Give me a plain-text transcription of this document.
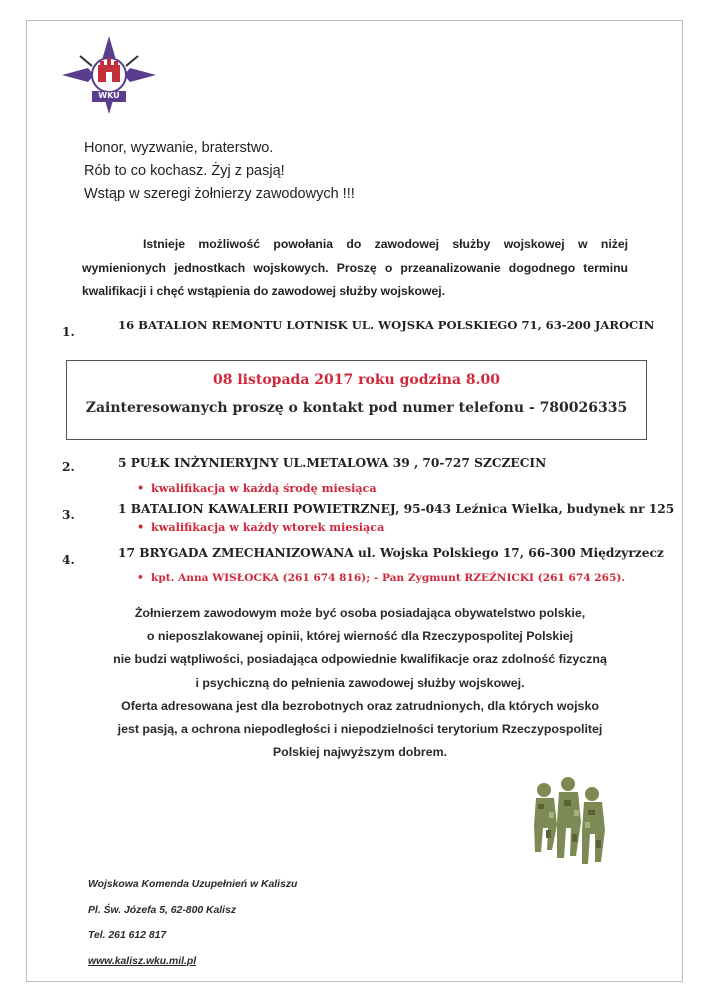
WKU
Honor, wyzwanie, braterstwo.
Rób to co kochasz. Żyj z pasją!
Wstąp w szeregi żołnierzy zawodowych !!!
Istnieje możliwość powołania do zawodowej służby wojskowej w niżej wymienionych jednostkach wojskowych. Proszę o przeanalizowanie dogodnego terminu kwalifikacji i chęć wstąpienia do zawodowej służby wojskowej.
1.	16 BATALION REMONTU LOTNISK UL. WOJSKA POLSKIEGO 71, 63-200 JAROCIN
08 listopada 2017 roku godzina 8.00
Zainteresowanych proszę o kontakt pod numer telefonu - 780026335
2.	5 PUŁK INŻYNIERYJNY UL.METALOWA 39 , 70-727 SZCZECIN
• kwalifikacja w każdą środę miesiąca
3.	1 BATALION KAWALERII POWIETRZNEJ, 95-043 Leźnica Wielka, budynek nr 125
• kwalifikacja w każdy wtorek miesiąca
4.	17 BRYGADA ZMECHANIZOWANA ul. Wojska Polskiego 17, 66-300 Międzyrzecz
• kpt. Anna WISŁOCKA (261 674 816); - Pan Zygmunt RZEŹNICKI (261 674 265).
Żołnierzem zawodowym może być osoba posiadająca obywatelstwo polskie,
o nieposzlakowanej opinii, której wierność dla Rzeczypospolitej Polskiej
nie budzi wątpliwości, posiadająca odpowiednie kwalifikacje oraz zdolność fizyczną
i psychiczną do pełnienia zawodowej służby wojskowej.
Oferta adresowana jest dla bezrobotnych oraz zatrudnionych, dla których wojsko
jest pasją, a ochrona niepodległości i niepodzielności terytorium Rzeczypospolitej
Polskiej najwyższym dobrem.
Wojskowa Komenda Uzupełnień w Kaliszu
Pl. Św. Józefa 5, 62-800 Kalisz
Tel. 261 612 817
www.kalisz.wku.mil.pl
